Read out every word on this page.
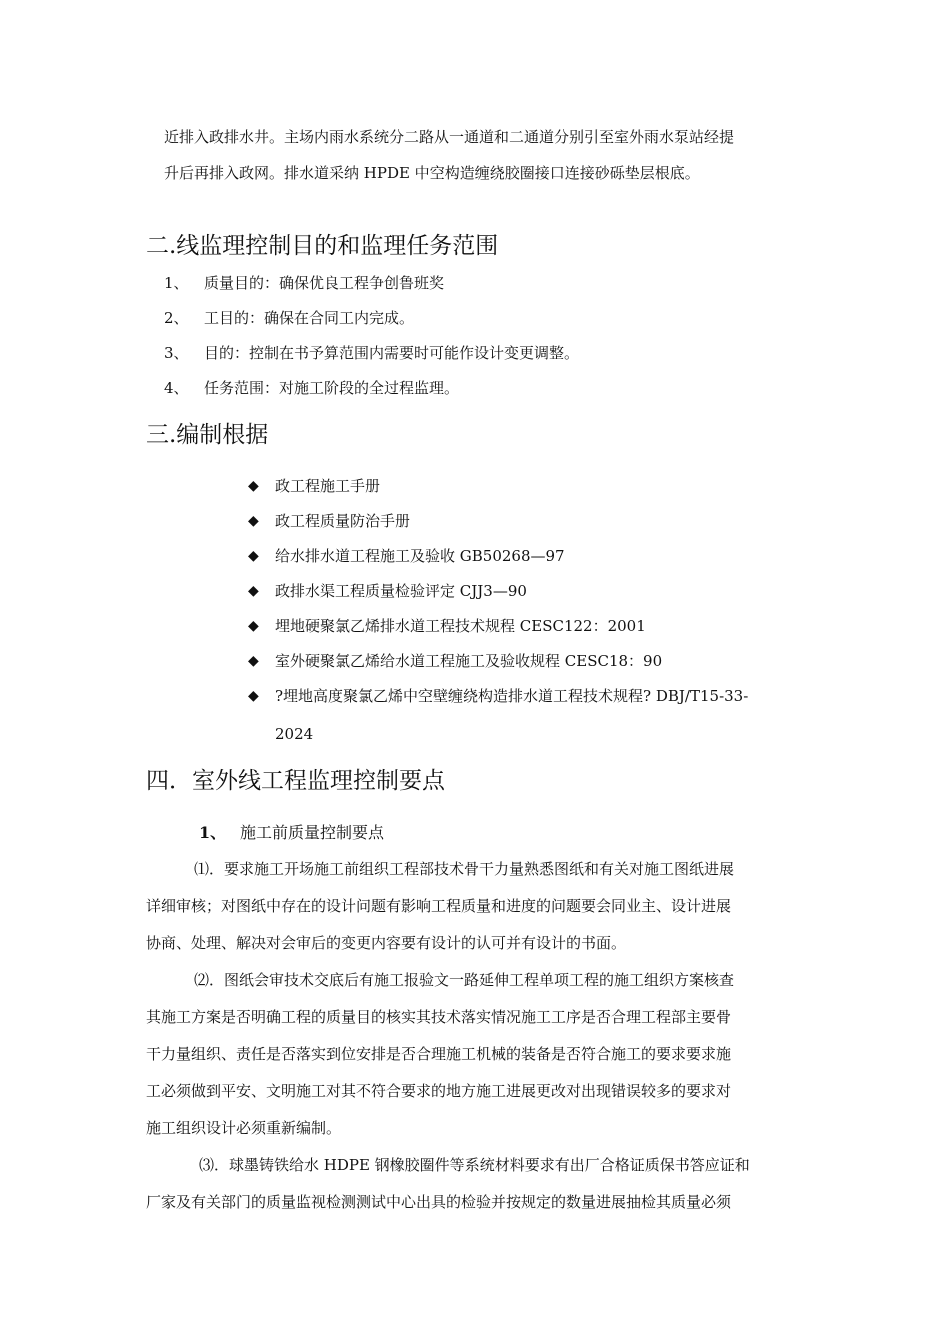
近排入政排水井。主场内雨水系统分二路从一通道和二通道分别引至室外雨水泵站经提
升后再排入政网。排水道采纳 HPDE 中空构造缠绕胶圈接口连接砂砾垫层根底。
二.线监理控制目的和监理任务范围
1、 质量目的：确保优良工程争创鲁班奖
2、 工目的：确保在合同工内完成。
3、 目的：控制在书予算范围内需要时可能作设计变更调整。
4、 任务范围：对施工阶段的全过程监理。
三.编制根据
◆ 政工程施工手册
◆ 政工程质量防治手册
◆ 给水排水道工程施工及验收 GB50268—97
◆ 政排水渠工程质量检验评定 CJJ3—90
◆ 埋地硬聚氯乙烯排水道工程技术规程 CESC122：2001
◆ 室外硬聚氯乙烯给水道工程施工及验收规程 CESC18：90
◆ ?埋地高度聚氯乙烯中空壁缠绕构造排水道工程技术规程? DBJ/T15-33-
2024
四．室外线工程监理控制要点
1、 施工前质量控制要点
⑴．要求施工开场施工前组织工程部技术骨干力量熟悉图纸和有关对施工图纸进展
详细审核；对图纸中存在的设计问题有影响工程质量和进度的问题要会同业主、设计进展
协商、处理、解决对会审后的变更内容要有设计的认可并有设计的书面。
⑵．图纸会审技术交底后有施工报验文一路延伸工程单项工程的施工组织方案核查
其施工方案是否明确工程的质量目的核实其技术落实情况施工工序是否合理工程部主要骨
干力量组织、责任是否落实到位安排是否合理施工机械的装备是否符合施工的要求要求施
工必须做到平安、文明施工对其不符合要求的地方施工进展更改对出现错误较多的要求对
施工组织设计必须重新编制。
⑶．球墨铸铁给水 HDPE 钢橡胶圈件等系统材料要求有出厂合格证质保书答应证和
厂家及有关部门的质量监视检测测试中心出具的检验并按规定的数量进展抽检其质量必须
